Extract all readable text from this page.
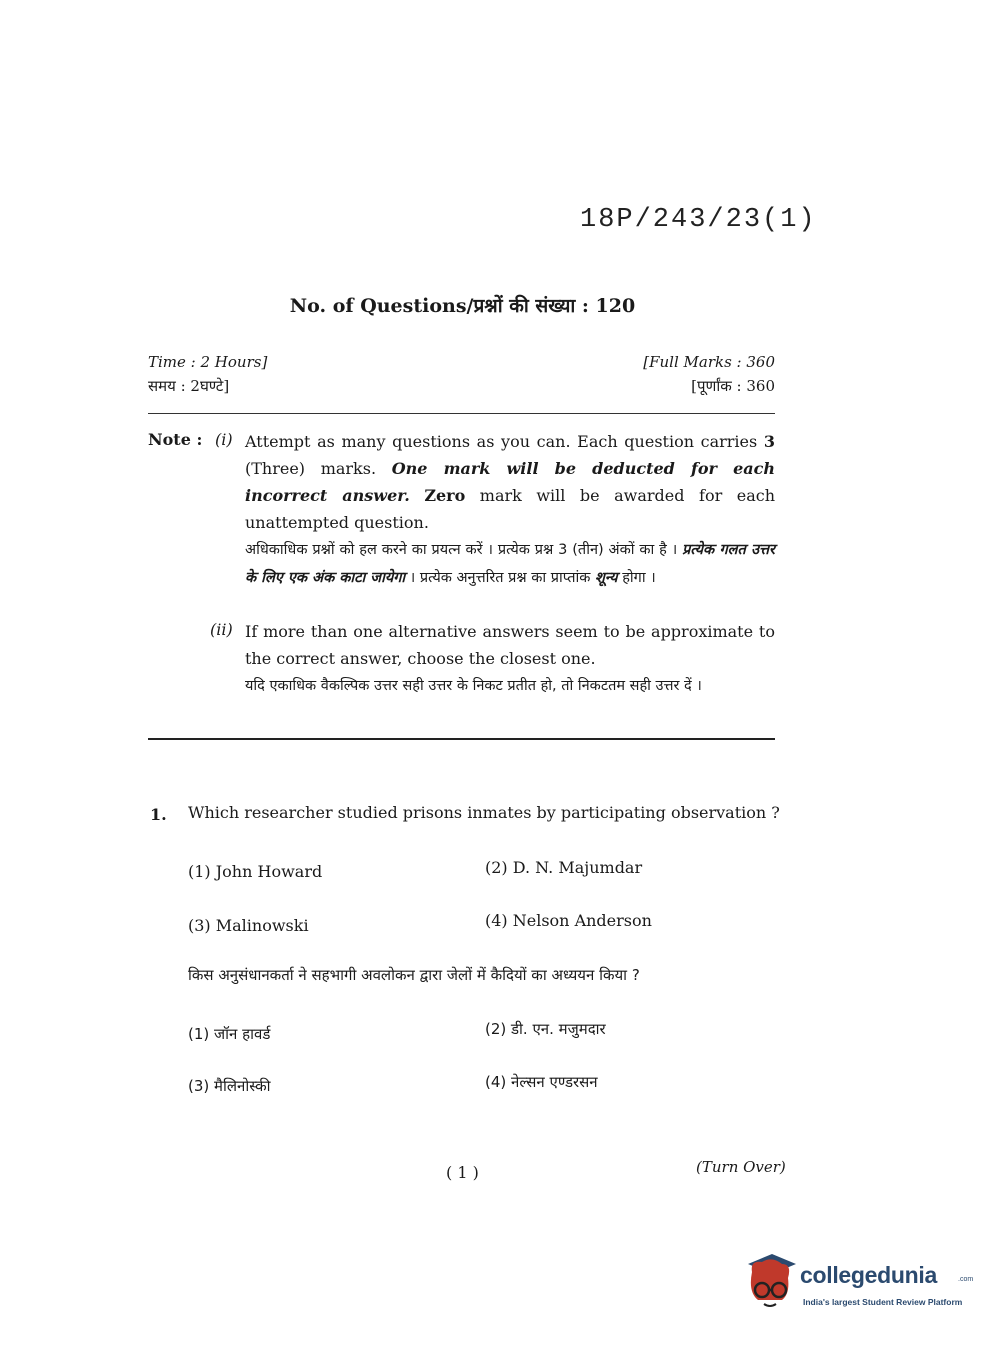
18P/243/23(1)
No. of Questions/प्रश्नों की संख्या : 120
Time : 2 Hours]
समय : 2घण्टे]
[Full Marks : 360
[पूर्णांक : 360
Note : (i) Attempt as many questions as you can. Each question carries 3 (Three) marks. One mark will be deducted for each incorrect answer. Zero mark will be awarded for each unattempted question.
अधिकाधिक प्रश्नों को हल करने का प्रयत्न करें । प्रत्येक प्रश्न 3 (तीन) अंकों का है । प्रत्येक गलत उत्तर के लिए एक अंक काटा जायेगा । प्रत्येक अनुत्तरित प्रश्न का प्राप्तांक शून्य होगा ।
(ii) If more than one alternative answers seem to be approximate to the correct answer, choose the closest one.
यदि एकाधिक वैकल्पिक उत्तर सही उत्तर के निकट प्रतीत हो, तो निकटतम सही उत्तर दें ।
1. Which researcher studied prisons inmates by participating observation ?
(1) John Howard	(2) D. N. Majumdar
(3) Malinowski	(4) Nelson Anderson
किस अनुसंधानकर्ता ने सहभागी अवलोकन द्वारा जेलों में कैदियों का अध्ययन किया ?
(1) जॉन हावर्ड	(2) डी. एन. मजुमदार
(3) मैलिनोस्की	(4) नेल्सन एण्डरसन
( 1 )	(Turn Over)
collegedunia	.com
India's largest Student Review Platform
